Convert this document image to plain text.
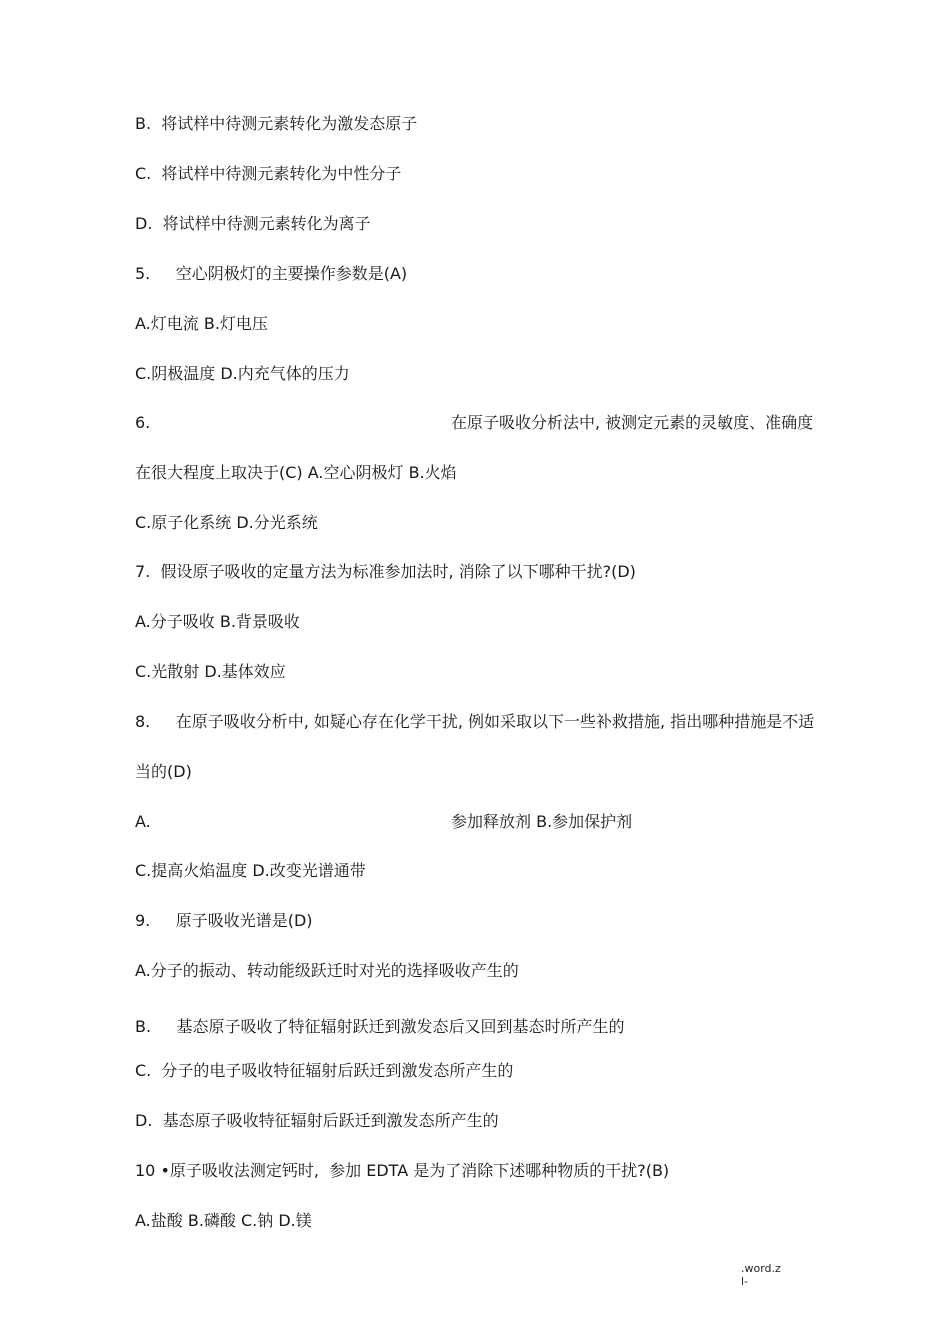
B.  将试样中待测元素转化为激发态原子
C.  将试样中待测元素转化为中性分子
D.  将试样中待测元素转化为离子
5.     空心阴极灯的主要操作参数是(A)
A.灯电流 B.灯电压
C.阴极温度 D.内充气体的压力
6.	在原子吸收分析法中, 被测定元素的灵敏度、准确度
在很大程度上取决于(C) A.空心阴极灯 B.火焰
C.原子化系统 D.分光系统
7.  假设原子吸收的定量方法为标准参加法时, 消除了以下哪种干扰?(D)
A.分子吸收 B.背景吸收
C.光散射 D.基体效应
8.     在原子吸收分析中, 如疑心存在化学干扰, 例如采取以下一些补救措施, 指出哪种措施是不适
当的(D)
A.	参加释放剂 B.参加保护剂
C.提高火焰温度 D.改变光谱通带
9.     原子吸收光谱是(D)
A.分子的振动、转动能级跃迁时对光的选择吸收产生的
B.     基态原子吸收了特征辐射跃迁到激发态后又回到基态时所产生的
C.  分子的电子吸收特征辐射后跃迁到激发态所产生的
D.  基态原子吸收特征辐射后跃迁到激发态所产生的
10 •原子吸收法测定钙时,  参加 EDTA 是为了消除下述哪种物质的干扰?(B)
A.盐酸 B.磷酸 C.钠 D.镁
.word.z
l-
